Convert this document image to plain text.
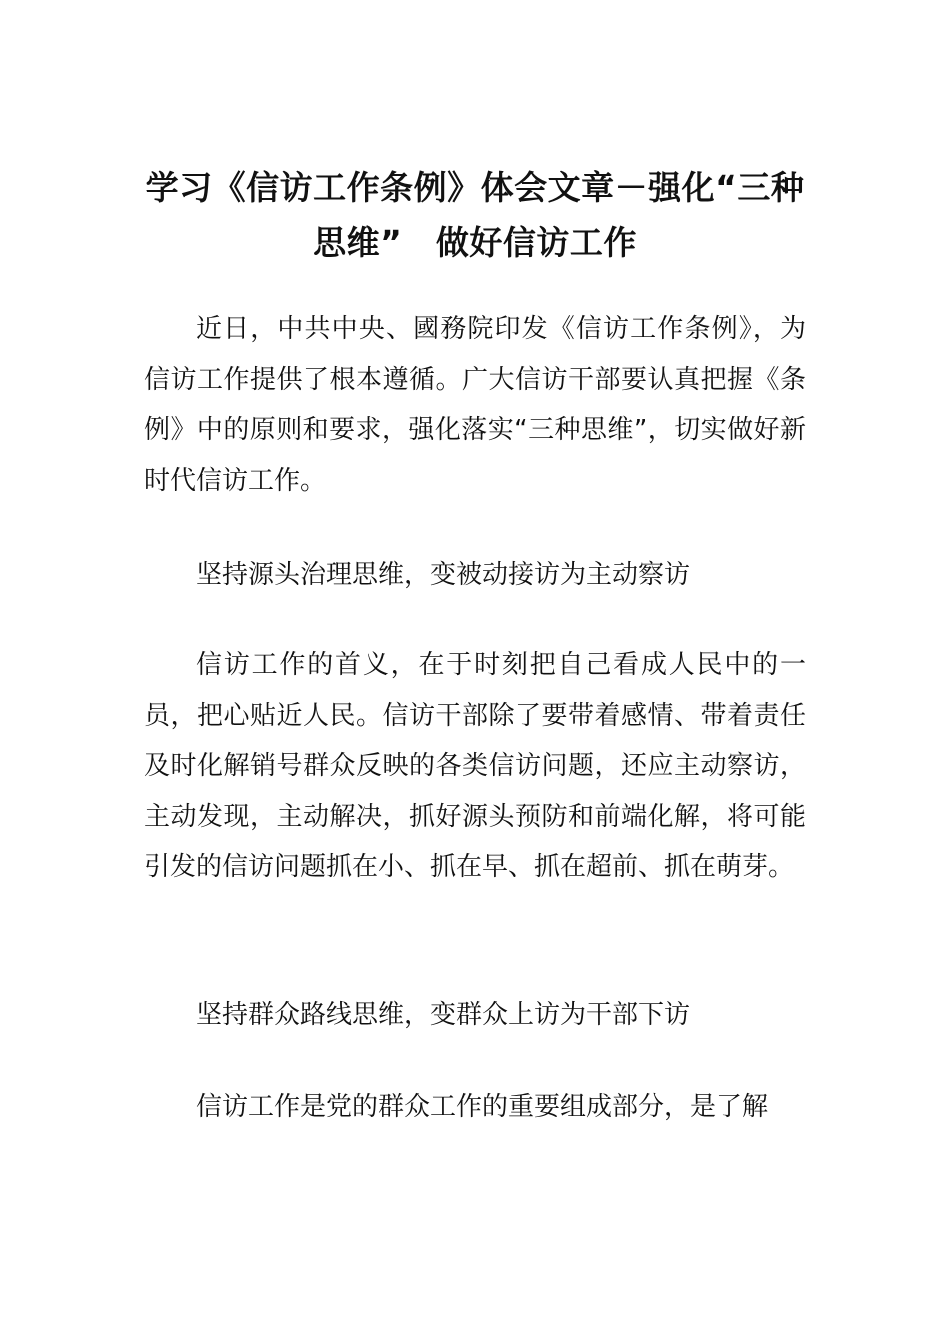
学习《信访工作条例》体会文章－强化“三种思维”　做好信访工作

近日，中共中央、國務院印发《信访工作条例》，为信访工作提供了根本遵循。广大信访干部要认真把握《条例》中的原则和要求，强化落实“三种思维”，切实做好新时代信访工作。

坚持源头治理思维，变被动接访为主动察访

信访工作的首义，在于时刻把自己看成人民中的一员，把心贴近人民。信访干部除了要带着感情、带着责任及时化解销号群众反映的各类信访问题，还应主动察访，主动发现，主动解决，抓好源头预防和前端化解，将可能引发的信访问题抓在小、抓在早、抓在超前、抓在萌芽。

坚持群众路线思维，变群众上访为干部下访

信访工作是党的群众工作的重要组成部分，是了解
